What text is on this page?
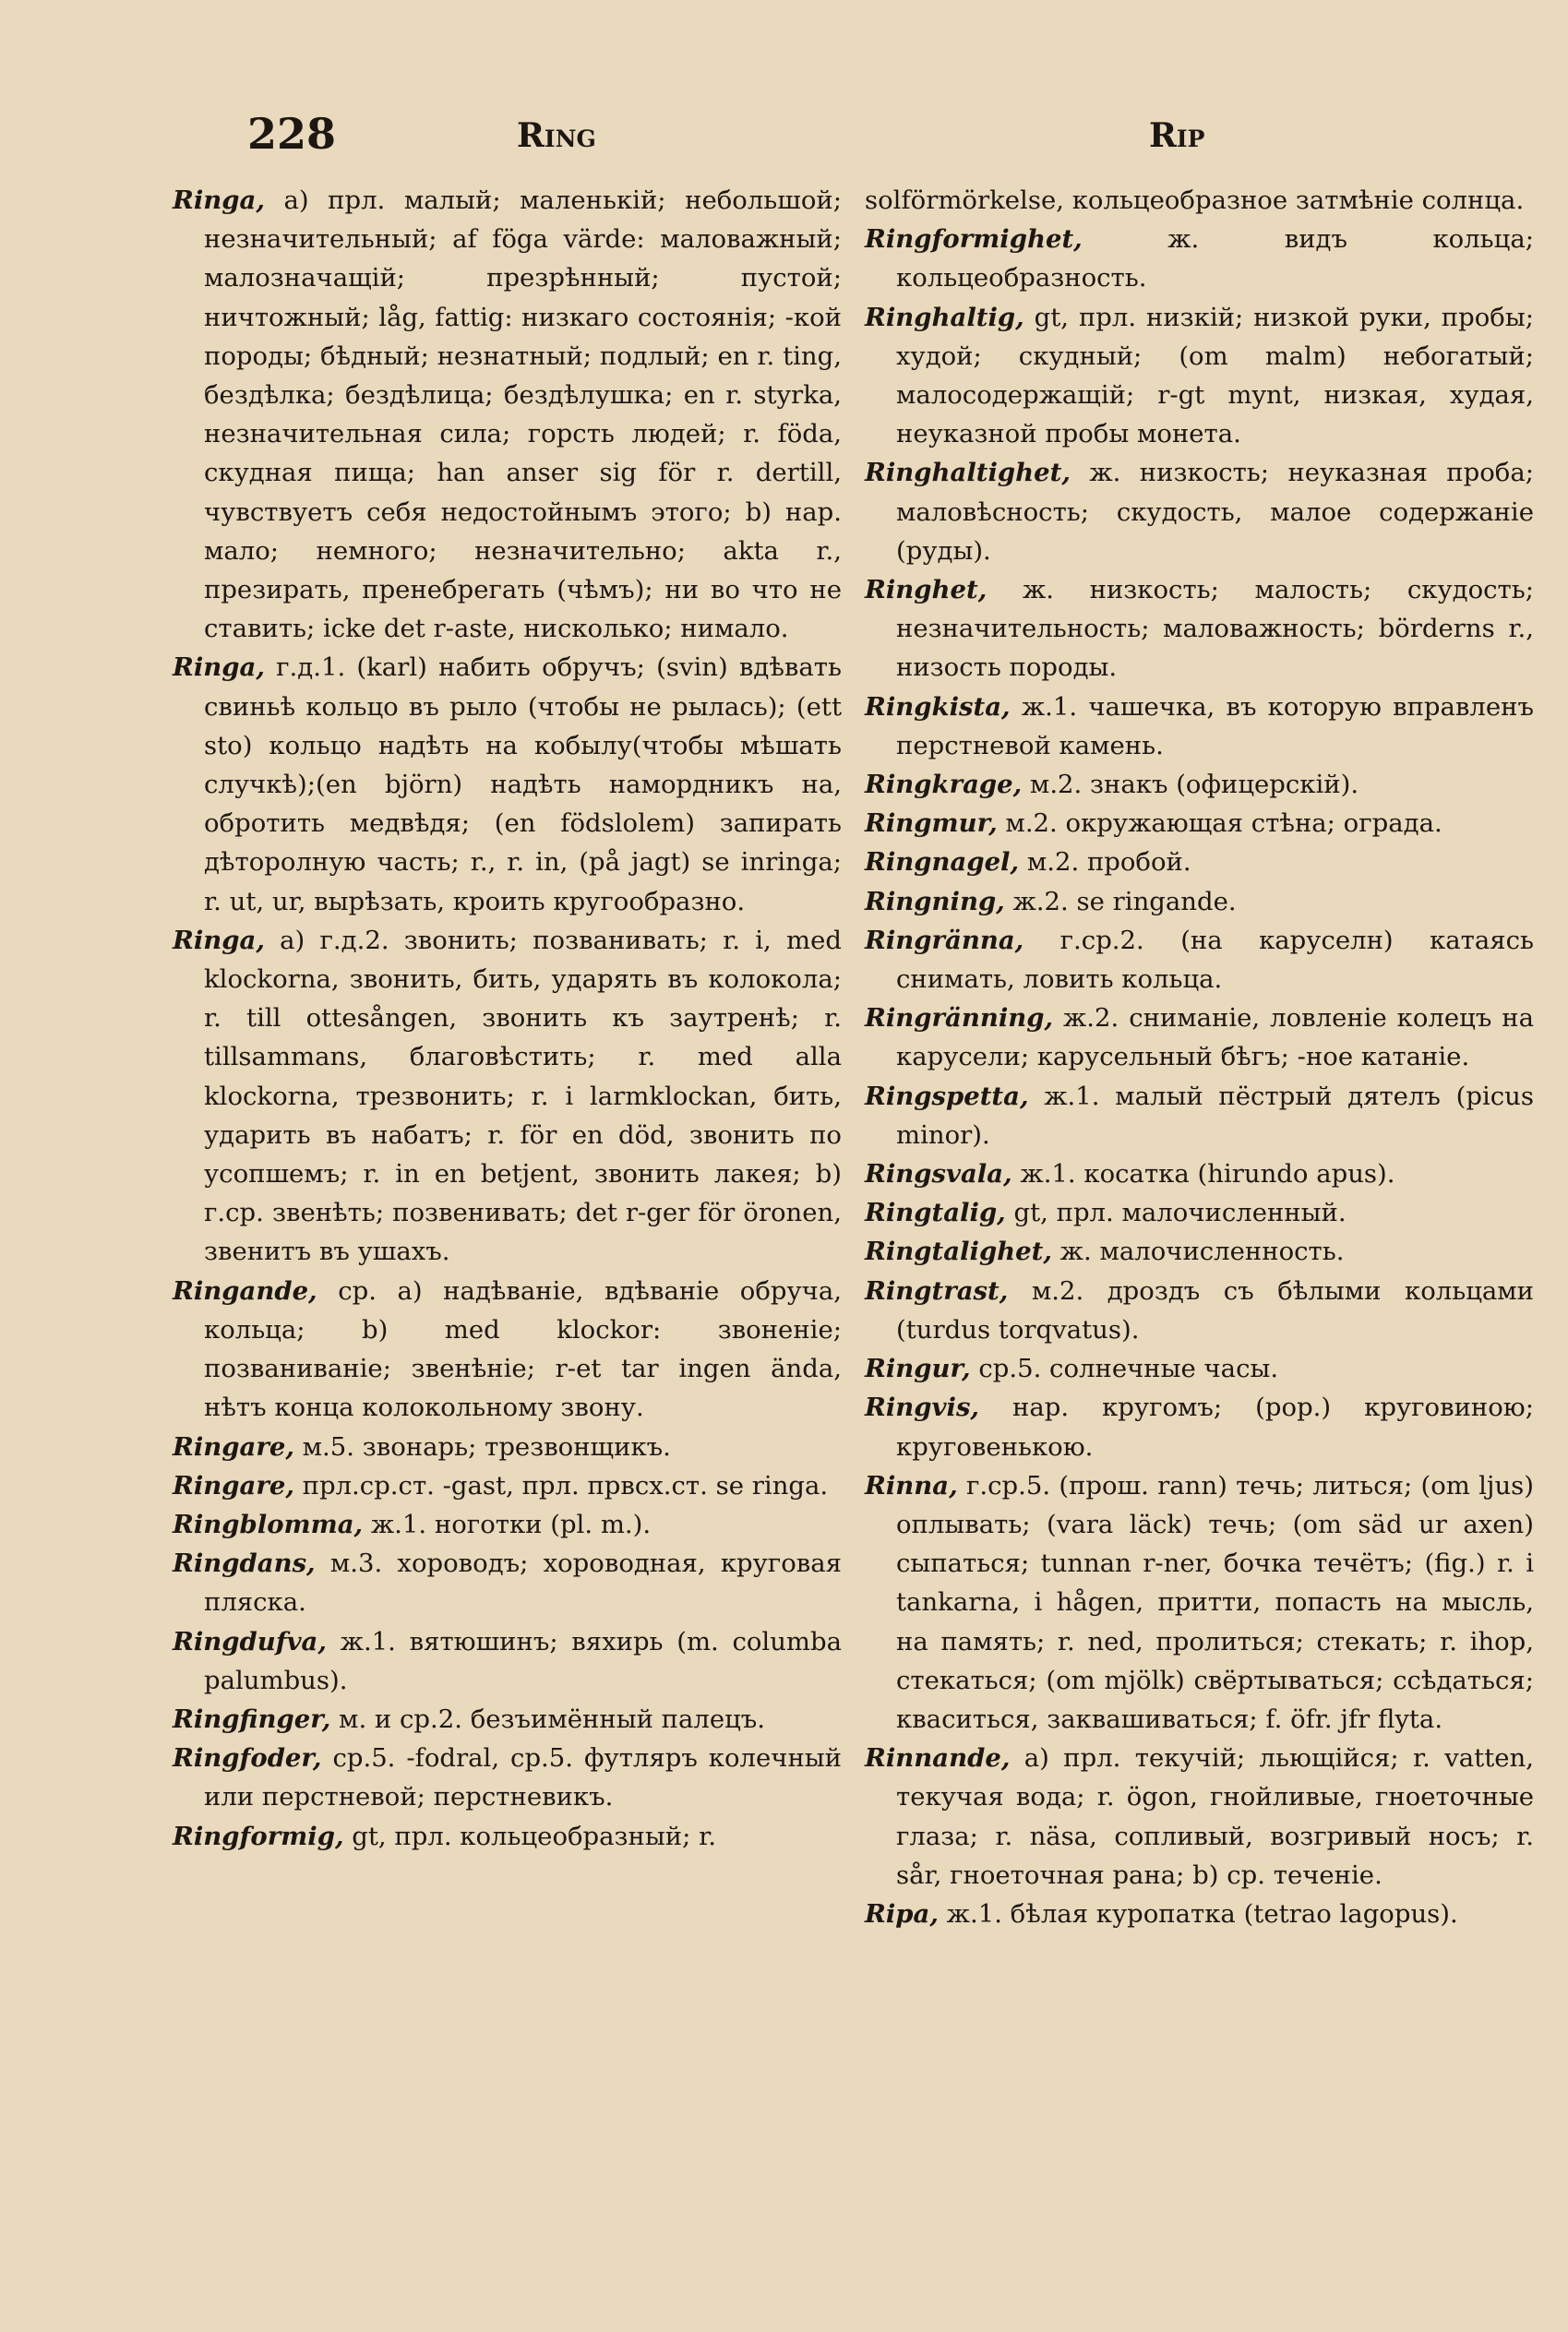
228	Ring	Rip

Ringa, а) прл. малый; маленькій; небольшой; незначительный; af föga värde: маловажный; малозначащій; презрѣнный; пустой; ничтожный; låg, fattig: низкаго состоянія; -кой породы; бѣдный; незнатный; подлый; en r. ting, бездѣлка; бездѣлица; бездѣлушка; en r. styrka, незначительная сила; горсть людей; r. föda, скудная пища; han anser sig för r. dertill, чувствуетъ себя недостойнымъ этого; b) нар. мало; немного; незначительно; akta r., презирать, пренебрегать (чѣмъ); ни во что не ставить; icke det r-aste, нисколько; нимало.

Ringa, г.д.1. (karl) набить обручъ; (svin) вдѣвать свиньѣ кольцо въ рыло (чтобы не рылась); (ett sto) кольцо надѣть на кобылу(чтобы мѣшать случкѣ);(en björn) надѣть намордникъ на, обротить медвѣдя; (en födslolem) запирать дѣторолную часть; r., r. in, (på jagt) se inringa; r. ut, ur, вырѣзать, кроить кругообразно.

Ringa, а) г.д.2. звонить; позванивать; r. i, med klockorna, звонить, бить, ударять въ колокола; r. till ottesången, звонить къ заутренѣ; r. tillsammans, благовѣстить; r. med alla klockorna, трезвонить; r. i larmklockan, бить, ударить въ набатъ; r. för en död, звонить по усопшемъ; r. in en betjent, звонить лакея; b) г.ср. звенѣть; позвенивать; det r-ger för öronen, звенитъ въ ушахъ.

Ringande, ср. а) надѣваніе, вдѣваніе обруча, кольца; b) med klockor: звоненіе; позваниваніе; звенѣніе; r-et tar ingen ända, нѣтъ конца колокольному звону.

Ringare, м.5. звонарь; трезвонщикъ.

Ringare, прл.ср.ст. -gast, прл. првсх.ст. se ringa.

Ringblomma, ж.1. ноготки (pl. m.).

Ringdans, м.3. хороводъ; хороводная, круговая пляска.

Ringdufva, ж.1. вятюшинъ; вяхирь (m. columba palumbus).

Ringfinger, м. и ср.2. безъимённый палецъ.

Ringfoder, ср.5. -fodral, ср.5. футляръ колечный или перстневой; перстневикъ.

Ringformig, gt, прл. кольцеобразный; r.

solförmörkelse, кольцеобразное затмѣніе солнца.

Ringformighet, ж. видъ кольца; кольцеобразность.

Ringhaltig, gt, прл. низкій; низкой руки, пробы; худой; скудный; (om malm) небогатый; малосодержащій; r-gt mynt, низкая, худая, неуказной пробы монета.

Ringhaltighet, ж. низкость; неуказная проба; маловѣсность; скудость, малое содержаніе (руды).

Ringhet, ж. низкость; малость; скудость; незначительность; маловажность; börderns r., низость породы.

Ringkista, ж.1. чашечка, въ которую вправленъ перстневой камень.

Ringkrage, м.2. знакъ (офицерскій).

Ringmur, м.2. окружающая стѣна; ограда.

Ringnagel, м.2. пробой.

Ringning, ж.2. se ringande.

Ringränna, г.ср.2. (на каруселн) катаясь снимать, ловить кольца.

Ringränning, ж.2. сниманіе, ловленіе колецъ на карусели; карусельный бѣгъ; -ное катаніе.

Ringspetta, ж.1. малый пёстрый дятелъ (picus minor).

Ringsvala, ж.1. косатка (hirundo apus).

Ringtalig, gt, прл. малочисленный.

Ringtalighet, ж. малочисленность.

Ringtrast, м.2. дроздъ съ бѣлыми кольцами (turdus torqvatus).

Ringur, ср.5. солнечные часы.

Ringvis, нар. кругомъ; (pop.) круговиною; круговенькою.

Rinna, г.ср.5. (прош. rann) течь; литься; (om ljus) оплывать; (vara läck) течь; (om säd ur axen) сыпаться; tunnan r-ner, бочка течётъ; (fig.) r. i tankarna, i hågen, притти, попасть на мысль, на память; r. ned, пролиться; стекать; r. ihop, стекаться; (om mjölk) свёртываться; ссѣдаться; кваситься, заквашиваться; f. öfr. jfr flyta.

Rinnande, а) прл. текучій; льющійся; r. vatten, текучая вода; r. ögon, гнойливые, гноеточные глаза; r. näsa, сопливый, возгривый носъ; r. sår, гноеточная рана; b) ср. теченіе.

Ripa, ж.1. бѣлая куропатка (tetrao lagopus).
